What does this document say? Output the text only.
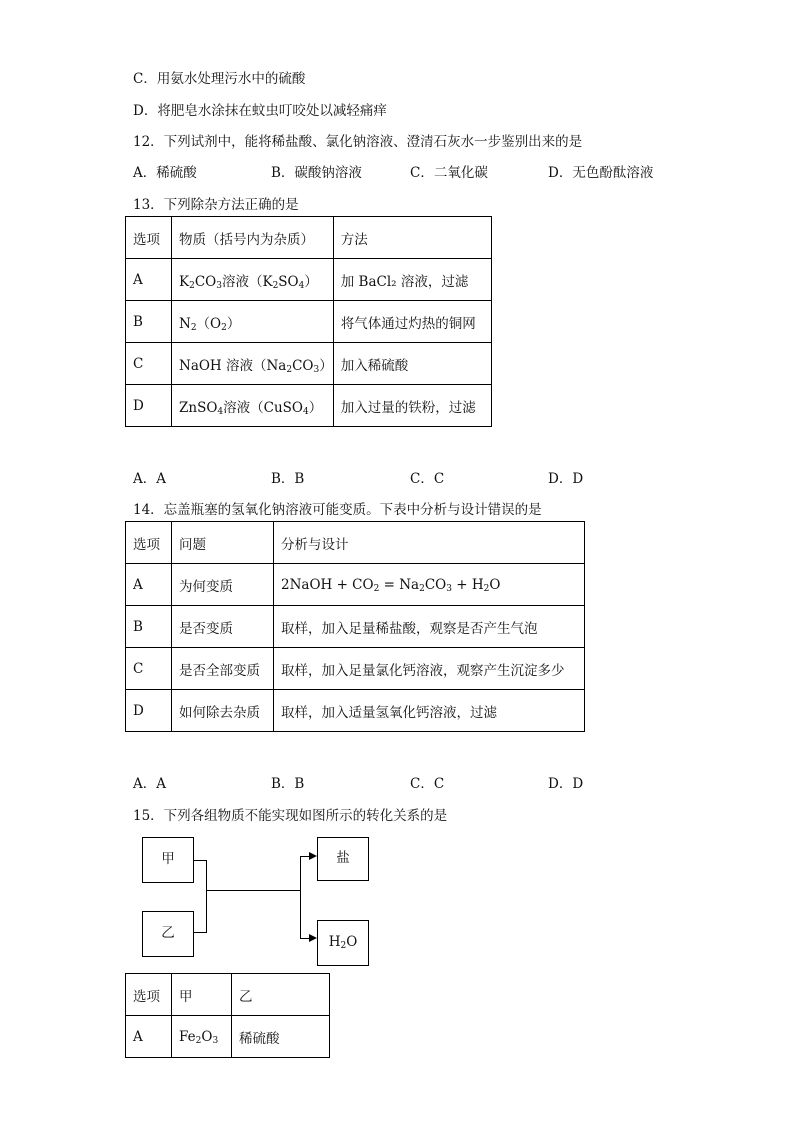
C．用氨水处理污水中的硫酸
D．将肥皂水涂抹在蚊虫叮咬处以减轻痛痒
12．下列试剂中，能将稀盐酸、氯化钠溶液、澄清石灰水一步鉴别出来的是
A．稀硫酸	B．碳酸钠溶液	C．二氧化碳	D．无色酚酞溶液
13．下列除杂方法正确的是
选项	物质（括号内为杂质）	方法
A	$K_2CO_3$溶液$(K_2SO_4)$	加 BaCl₂ 溶液，过滤
B	$N_2(O_2)$	将气体通过灼热的铜网
C	NaOH 溶液$(Na_2CO_3)$	加入稀硫酸
D	ZnSO$_4$溶液（CuSO$_4$）	加入过量的铁粉，过滤
A．A	B．B	C．C	D．D
14．忘盖瓶塞的氢氧化钠溶液可能变质。下表中分析与设计错误的是
选项	问题	分析与设计
A	为何变质	2NaOH + $CO_2 = Na_2CO_3 + H_2O$
B	是否变质	取样，加入足量稀盐酸，观察是否产生气泡
C	是否全部变质	取样，加入足量氯化钙溶液，观察产生沉淀多少
D	如何除去杂质	取样，加入适量氢氧化钙溶液，过滤
A．A	B．B	C．C	D．D
15．下列各组物质不能实现如图所示的转化关系的是
甲
乙
盐
$H_2O$
选项	甲	乙
A	$Fe_2O_3$	稀硫酸
